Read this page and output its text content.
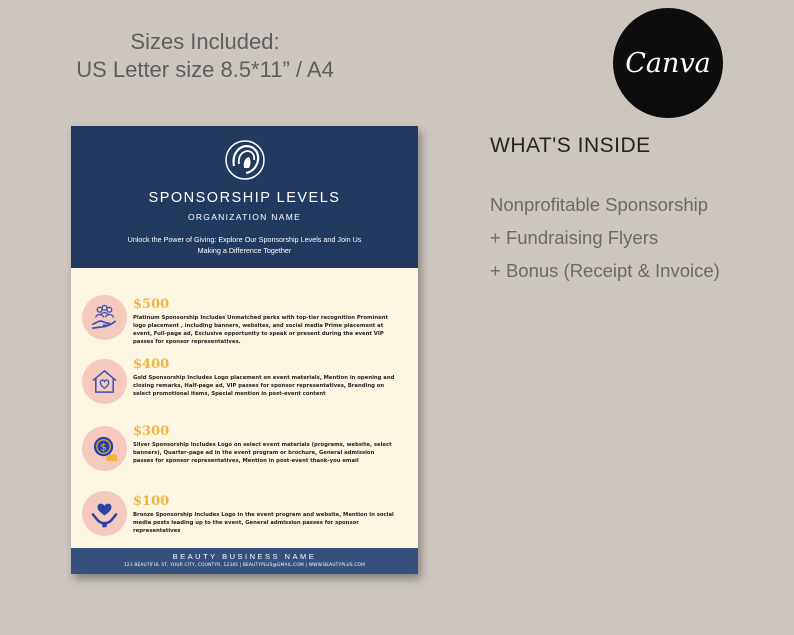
Sizes Included:
US Letter size 8.5*11” / A4	Canva
WHAT'S INSIDE
Nonprofitable Sponsorship
+ Fundraising Flyers
+ Bonus (Receipt & Invoice)
SPONSORSHIP LEVELS
ORGANIZATION NAME
Unlock the Power of Giving: Explore Our Sponsorship Levels and Join Us Making a Difference Together
$500
Platinum Sponsorship Includes Unmatched perks with top-tier recognition Prominent logo placement , including banners, websites, and social media Prime placement at event, Full-page ad, Exclusive opportunity to speak or present during the event VIP passes for sponsor representatives.
$400
Gold Sponsorship Includes Logo placement on event materials, Mention in opening and closing remarks, Half-page ad, VIP passes for sponsor representatives, Branding on select promotional items, Special mention in post-event content
$
$300
Silver Sponsorship Includes Logo on select event materials (programs, website, select banners), Quarter-page ad in the event program or brochure, General admission passes for sponsor representatives, Mention in post-event thank-you email
$100
Bronze Sponsorship Includes Logo in the event program and website, Mention in social media posts leading up to the event, General admission passes for sponsor representatives
BEAUTY BUSINESS NAME
123 BEAUTIFUL ST, YOUR CITY, COUNTYR, 12345 | BEAUTYPLUS@GMAIL.COM | WWW.BEAUTYPLUS.COM
